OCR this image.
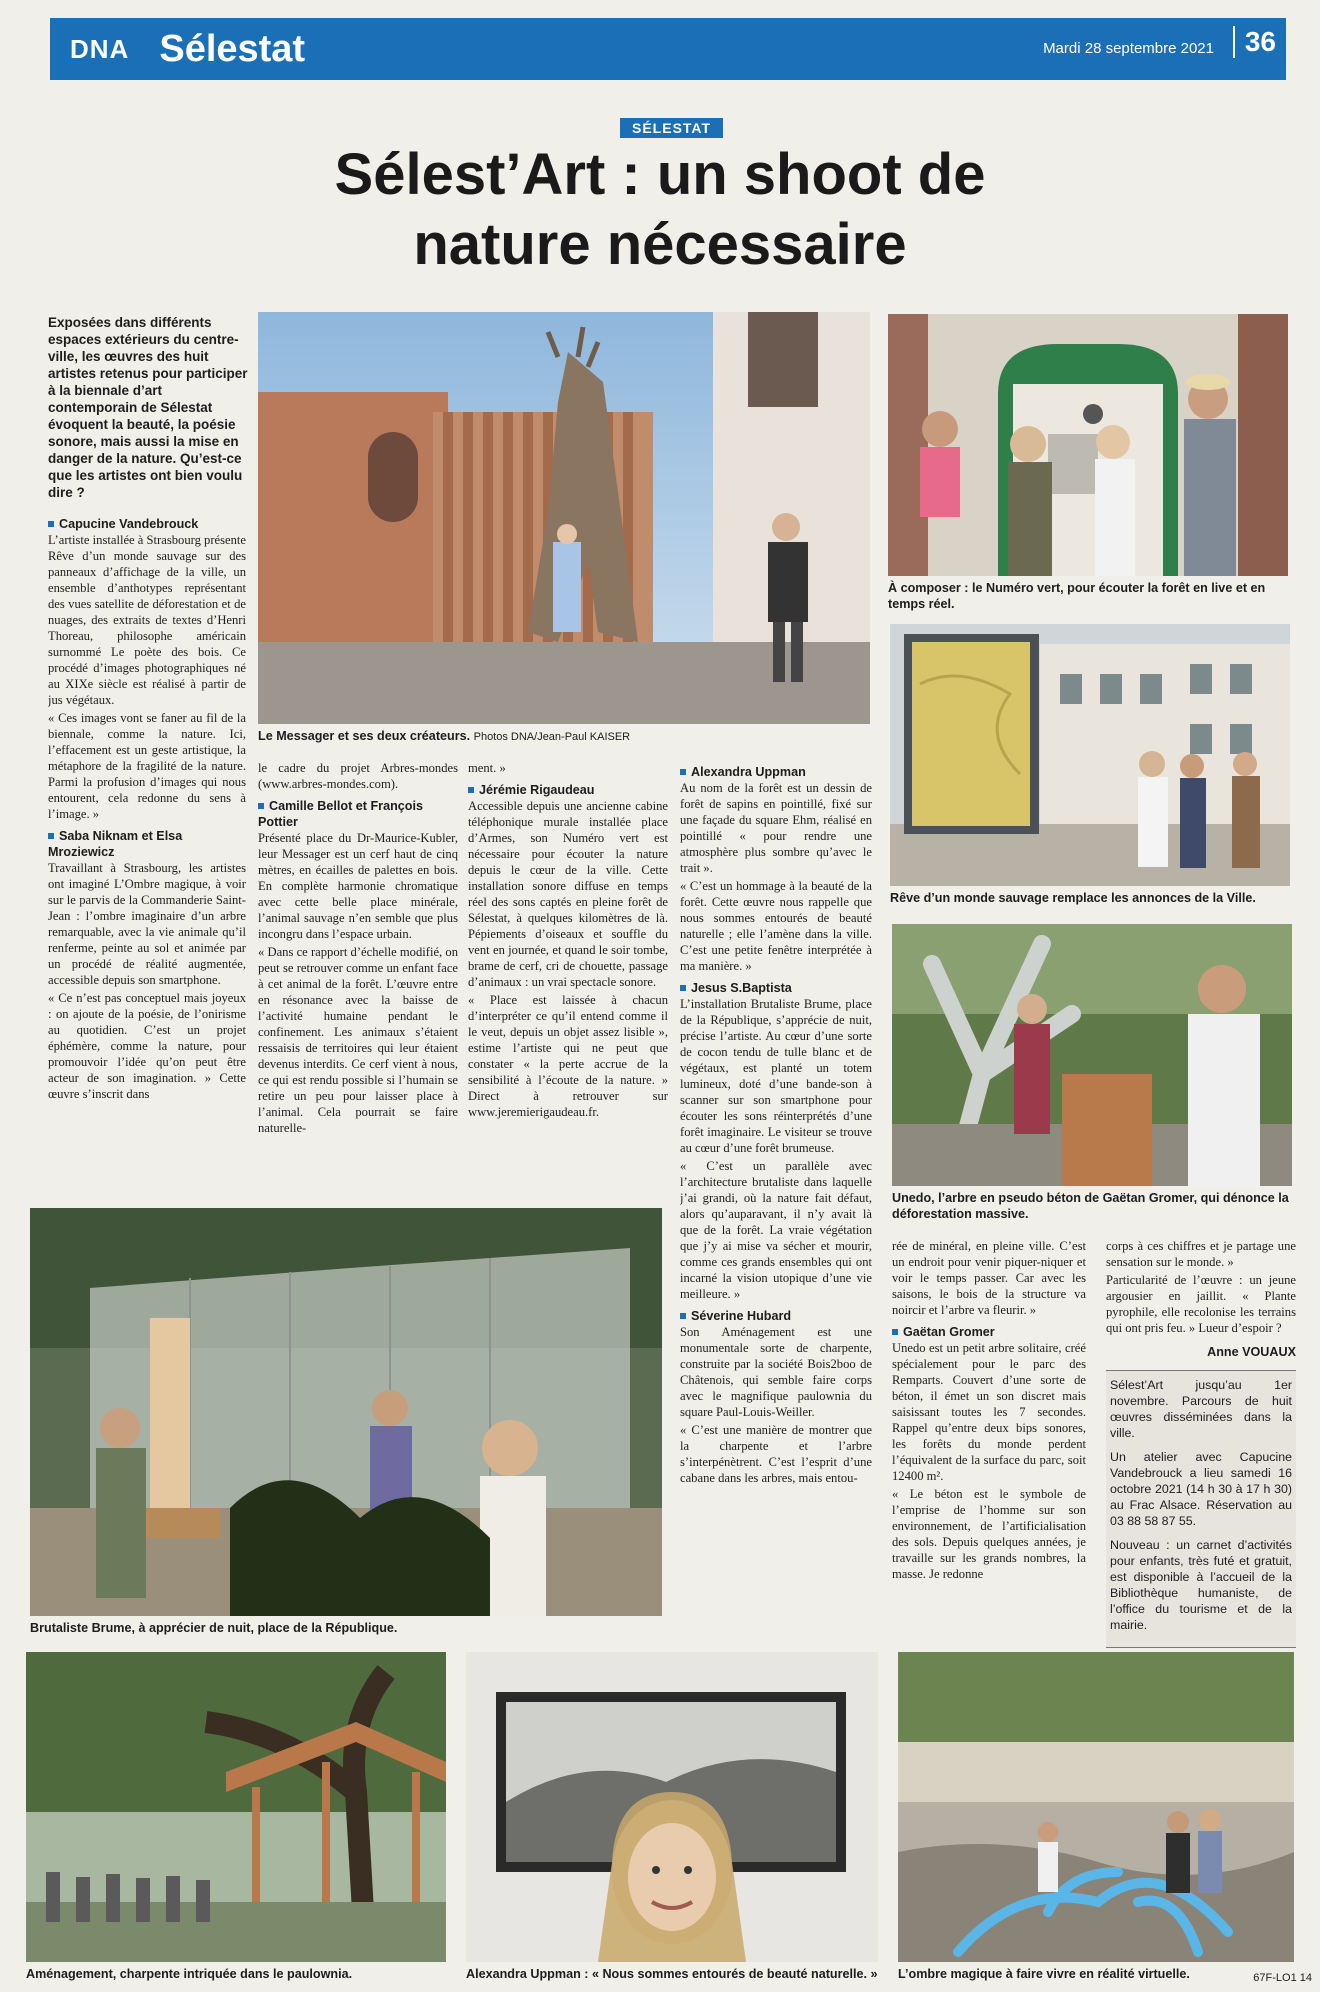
DNA Sélestat	Mardi 28 septembre 2021	36
SÉLESTAT
Sélest’Art : un shoot de nature nécessaire
Exposées dans différents espaces extérieurs du centre-ville, les œuvres des huit artistes retenus pour participer à la biennale d’art contemporain de Sélestat évoquent la beauté, la poésie sonore, mais aussi la mise en danger de la nature. Qu’est-ce que les artistes ont bien voulu dire ?
Capucine Vandebrouck

L’artiste installée à Strasbourg présente Rêve d’un monde sauvage sur des panneaux d’affichage de la ville, un ensemble d’anthotypes représentant des vues satellite de déforestation et de nuages, des extraits de textes d’Henri Thoreau, philosophe américain surnommé Le poète des bois. Ce procédé d’images photographiques né au XIXe siècle est réalisé à partir de jus végétaux.

« Ces images vont se faner au fil de la biennale, comme la nature. Ici, l’effacement est un geste artistique, la métaphore de la fragilité de la nature. Parmi la profusion d’images qui nous entourent, cela redonne du sens à l’image. »

Saba Niknam et Elsa Mroziewicz

Travaillant à Strasbourg, les artistes ont imaginé L’Ombre magique, à voir sur le parvis de la Commanderie Saint-Jean : l’ombre imaginaire d’un arbre remarquable, avec la vie animale qu’il renferme, peinte au sol et animée par un procédé de réalité augmentée, accessible depuis son smartphone.

« Ce n’est pas conceptuel mais joyeux : on ajoute de la poésie, de l’onirisme au quotidien. C’est un projet éphémère, comme la nature, pour promouvoir l’idée qu’on peut être acteur de son imagination. » Cette œuvre s’inscrit dans

le cadre du projet Arbres-mondes (www.arbres-mondes.com).

Camille Bellot et François Pottier

Présenté place du Dr-Maurice-Kubler, leur Messager est un cerf haut de cinq mètres, en écailles de palettes en bois. En complète harmonie chromatique avec cette belle place minérale, l’animal sauvage n’en semble que plus incongru dans l’espace urbain.

« Dans ce rapport d’échelle modifié, on peut se retrouver comme un enfant face à cet animal de la forêt. L’œuvre entre en résonance avec la baisse de l’activité humaine pendant le confinement. Les animaux s’étaient ressaisis de territoires qui leur étaient devenus interdits. Ce cerf vient à nous, ce qui est rendu possible si l’humain se retire un peu pour laisser place à l’animal. Cela pourrait se faire naturelle-

ment. »

Jérémie Rigaudeau

Accessible depuis une ancienne cabine téléphonique murale installée place d’Armes, son Numéro vert est nécessaire pour écouter la nature depuis le cœur de la ville. Cette installation sonore diffuse en temps réel des sons captés en pleine forêt de Sélestat, à quelques kilomètres de là. Pépiements d’oiseaux et souffle du vent en journée, et quand le soir tombe, brame de cerf, cri de chouette, passage d’animaux : un vrai spectacle sonore.

« Place est laissée à chacun d’interpréter ce qu’il entend comme il le veut, depuis un objet assez lisible », estime l’artiste qui ne peut que constater « la perte accrue de la sensibilité à l’écoute de la nature. » Direct à retrouver sur www.jeremierigaudeau.fr.

Alexandra Uppman

Au nom de la forêt est un dessin de forêt de sapins en pointillé, fixé sur une façade du square Ehm, réalisé en pointillé « pour rendre une atmosphère plus sombre qu’avec le trait ».

« C’est un hommage à la beauté de la forêt. Cette œuvre nous rappelle que nous sommes entourés de beauté naturelle ; elle l’amène dans la ville. C’est une petite fenêtre interprétée à ma manière. »

Jesus S.Baptista

L’installation Brutaliste Brume, place de la République, s’apprécie de nuit, précise l’artiste. Au cœur d’une sorte de cocon tendu de tulle blanc et de végétaux, est planté un totem lumineux, doté d’une bande-son à scanner sur son smartphone pour écouter les sons réinterprétés d’une forêt imaginaire. Le visiteur se trouve au cœur d’une forêt brumeuse.

« C’est un parallèle avec l’architecture brutaliste dans laquelle j’ai grandi, où la nature fait défaut, alors qu’auparavant, il n’y avait là que de la forêt. La vraie végétation que j’y ai mise va sécher et mourir, comme ces grands ensembles qui ont incarné la vision utopique d’une vie meilleure. »

Séverine Hubard

Son Aménagement est une monumentale sorte de charpente, construite par la société Bois2boo de Châtenois, qui semble faire corps avec le magnifique paulownia du square Paul-Louis-Weiller.

« C’est une manière de montrer que la charpente et l’arbre s’interpénètrent. C’est l’esprit d’une cabane dans les arbres, mais entou-

rée de minéral, en pleine ville. C’est un endroit pour venir piquer-niquer et voir le temps passer. Car avec les saisons, le bois de la structure va noircir et l’arbre va fleurir. »

Gaëtan Gromer

Unedo est un petit arbre solitaire, créé spécialement pour le parc des Remparts. Couvert d’une sorte de béton, il émet un son discret mais saisissant toutes les 7 secondes. Rappel qu’entre deux bips sonores, les forêts du monde perdent l’équivalent de la surface du parc, soit 12400 m².

« Le béton est le symbole de l’emprise de l’homme sur son environnement, de l’artificialisation des sols. Depuis quelques années, je travaille sur les grands nombres, la masse. Je redonne

corps à ces chiffres et je partage une sensation sur le monde. »

Particularité de l’œuvre : un jeune argousier en jaillit. « Plante pyrophile, elle recolonise les terrains qui ont pris feu. » Lueur d’espoir ?

Anne VOUAUX

Sélest’Art jusqu’au 1er novembre. Parcours de huit œuvres disséminées dans la ville.

Un atelier avec Capucine Vandebrouck a lieu samedi 16 octobre 2021 (14 h 30 à 17 h 30) au Frac Alsace. Réservation au 03 88 58 87 55.

Nouveau : un carnet d’activités pour enfants, très futé et gratuit, est disponible à l’accueil de la Bibliothèque humaniste, de l’office du tourisme et de la mairie.

Le Messager et ses deux créateurs. Photos DNA/Jean-Paul KAISER
À composer : le Numéro vert, pour écouter la forêt en live et en temps réel.
Rêve d’un monde sauvage remplace les annonces de la Ville.
Unedo, l’arbre en pseudo béton de Gaëtan Gromer, qui dénonce la déforestation massive.
Brutaliste Brume, à apprécier de nuit, place de la République.
Aménagement, charpente intriquée dans le paulownia.	Alexandra Uppman : « Nous sommes entourés de beauté naturelle. »	L’ombre magique à faire vivre en réalité virtuelle.	67F-LO1 14
